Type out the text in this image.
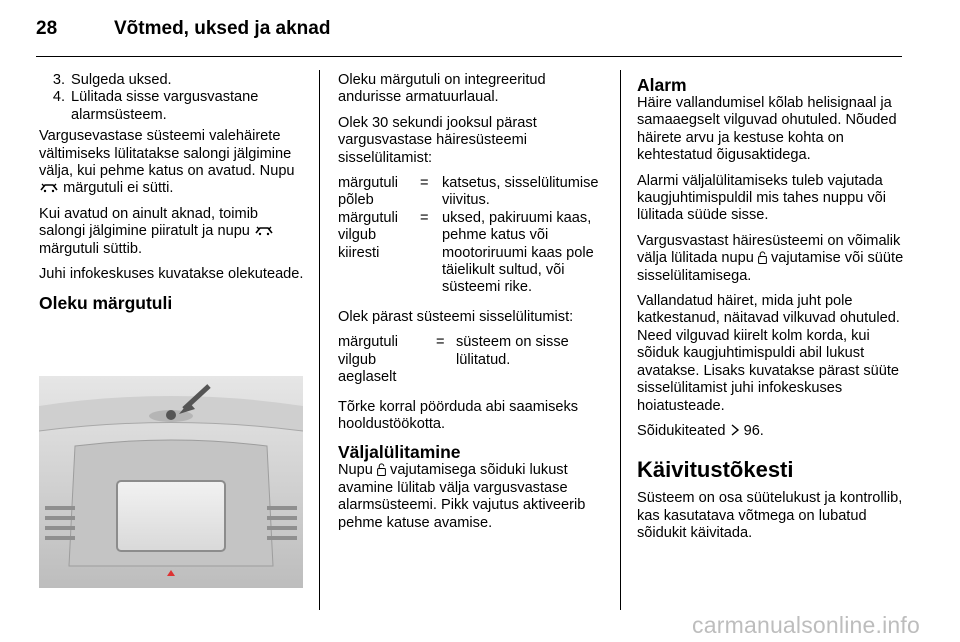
28	Võtmed, uksed ja aknad
3. Sulgeda uksed.
4. Lülitada sisse vargusvastane alarmsüsteem.

Vargusevastase süsteemi valehäirete vältimiseks lülitatakse salongi jälgimine välja, kui pehme katus on avatud. Nupu  märgutuli ei sütti.

Kui avatud on ainult aknad, toimib salongi jälgimine piiratult ja nupu  märgutuli süttib.

Juhi infokeskuses kuvatakse olekuteade.

Oleku märgutuli

Oleku märgutuli on integreeritud andurisse armatuurlaual.

Olek 30 sekundi jooksul pärast vargusvastase häiresüsteemi sisselülitamist:

märgutuli põleb	=	katsetus, sisselülitumise viivitus.
märgutuli vilgub kiiresti	=	uksed, pakiruumi kaas, pehme katus või mootoriruumi kaas pole täielikult sultud, või süsteemi rike.

Olek pärast süsteemi sisselülitumist:

märgutuli vilgub aeglaselt	=	süsteem on sisse lülitatud.

Tõrke korral pöörduda abi saamiseks hooldustöökotta.

Väljalülitamine

Nupu vajutamisega sõiduki lukust avamine lülitab välja vargusvastase alarmsüsteemi. Pikk vajutus aktiveerib pehme katuse avamise.

Alarm

Häire vallandumisel kõlab helisignaal ja samaaegselt vilguvad ohutuled. Nõuded häirete arvu ja kestuse kohta on kehtestatud õigusaktidega.

Alarmi väljalülitamiseks tuleb vajutada kaugjuhtimispuldil mis tahes nuppu või lülitada süüde sisse.

Vargusvastast häiresüsteemi on võimalik välja lülitada nupu vajutamise või süüte sisselülitamisega.

Vallandatud häiret, mida juht pole katkestanud, näitavad vilkuvad ohutuled. Need vilguvad kiirelt kolm korda, kui sõiduk kaugjuhtimispuldi abil lukust avatakse. Lisaks kuvatakse pärast süüte sisselülitamist juhi infokeskuses hoiatusteade.

Sõidukiteated 96.

Käivitustõkesti

Süsteem on osa süütelukust ja kontrollib, kas kasutatava võtmega on lubatud sõidukit käivitada.

carmanualsonline.info
